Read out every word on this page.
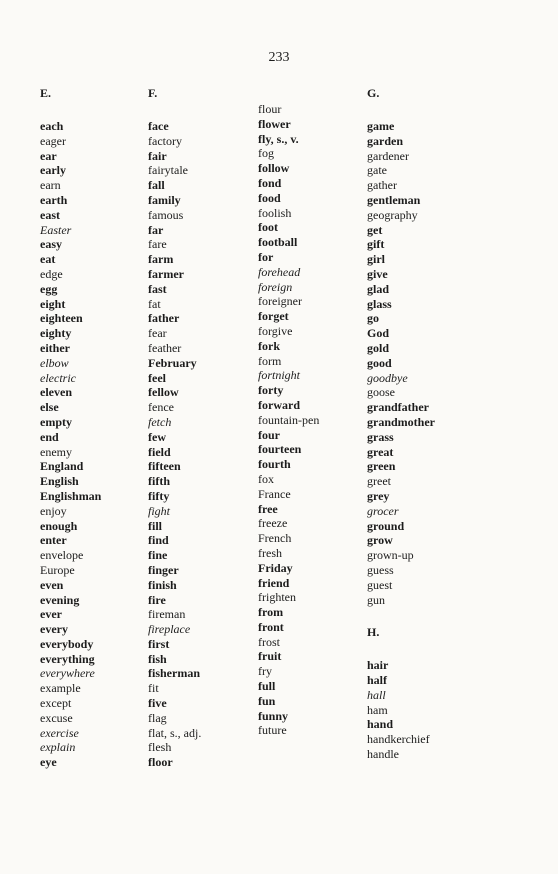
233
E.
each
eager
ear
early
earn
earth
east
Easter
easy
eat
edge
egg
eight
eighteen
eighty
either
elbow
electric
eleven
else
empty
end
enemy
England
English
Englishman
enjoy
enough
enter
envelope
Europe
even
evening
ever
every
everybody
everything
everywhere
example
except
excuse
exercise
explain
eye
F.
face
factory
fair
fairytale
fall
family
famous
far
fare
farm
farmer
fast
fat
father
fear
feather
February
feel
fellow
fence
fetch
few
field
fifteen
fifth
fifty
fight
fill
find
fine
finger
finish
fire
fireman
fireplace
first
fish
fisherman
fit
five
flag
flat, s., adj.
flesh
floor
flour
flower
fly, s., v.
fog
follow
fond
food
foolish
foot
football
for
forehead
foreign
foreigner
forget
forgive
fork
form
fortnight
forty
forward
fountain-pen
four
fourteen
fourth
fox
France
free
freeze
French
fresh
Friday
friend
frighten
from
front
frost
fruit
fry
full
fun
funny
future
G.
game
garden
gardener
gate
gather
gentleman
geography
get
gift
girl
give
glad
glass
go
God
gold
good
goodbye
goose
grandfather
grandmother
grass
great
green
greet
grey
grocer
ground
grow
grown-up
guess
guest
gun
H.
hair
half
hall
ham
hand
handkerchief
handle
